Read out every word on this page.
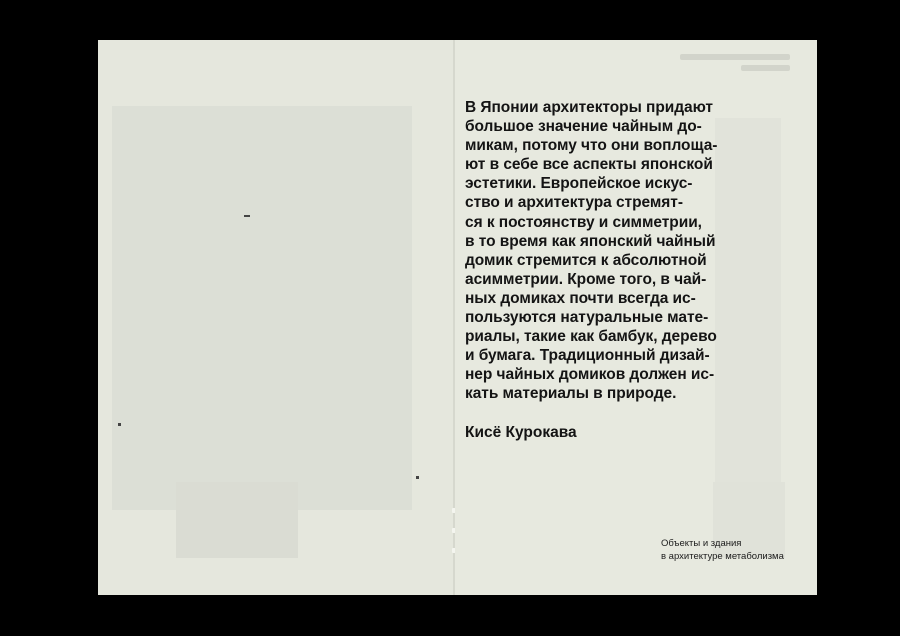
В Японии архитекторы придают
большое значение чайным до-
микам, потому что они воплоща-
ют в себе все аспекты японской
эстетики. Европейское искус-
ство и архитектура стремят-
ся к постоянству и симметрии,
в то время как японский чайный
домик стремится к абсолютной
асимметрии. Кроме того, в чай-
ных домиках почти всегда ис-
пользуются натуральные мате-
риалы, такие как бамбук, дерево
и бумага. Традиционный дизай-
нер чайных домиков должен ис-
кать материалы в природе.

Кисё Курокава

Объекты и здания
в архитектуре метаболизма
